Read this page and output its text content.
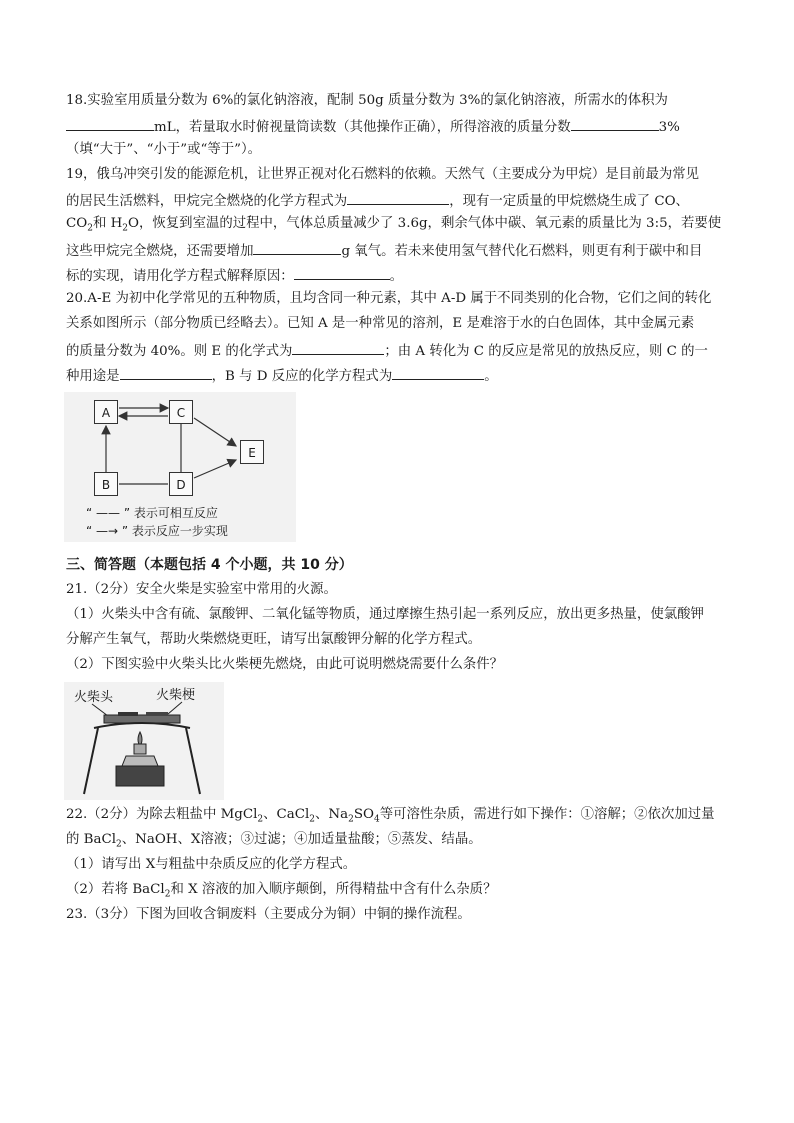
18.实验室用质量分数为 6%的氯化钠溶液，配制 50g 质量分数为 3%的氯化钠溶液，所需水的体积为
mL，若量取水时俯视量筒读数（其他操作正确），所得溶液的质量分数	3%
（填“大于”、“小于”或“等于”）。
19，俄乌冲突引发的能源危机，让世界正视对化石燃料的依赖。天然气（主要成分为甲烷）是目前最为常见
的居民生活燃料，甲烷完全燃烧的化学方程式为	，现有一定质量的甲烷燃烧生成了 CO、
$CO_2$和 $H_2O$，恢复到室温的过程中，气体总质量减少了 3.6g，剩余气体中碳、氧元素的质量比为 3:5，若要使
这些甲烷完全燃烧，还需要增加	g 氧气。若未来使用氢气替代化石燃料，则更有利于碳中和目
标的实现，请用化学方程式解释原因：	。
20.A-E 为初中化学常见的五种物质，且均含同一种元素，其中 A-D 属于不同类别的化合物，它们之间的转化
关系如图所示（部分物质已经略去）。已知 A 是一种常见的溶剂，E 是难溶于水的白色固体，其中金属元素
的质量分数为 40%。则 E 的化学式为	；由 A 转化为 C 的反应是常见的放热反应，则 C 的一
种用途是	，B 与 D 反应的化学方程式为	。
A	C
E
B	D
“ —— ” 表示可相互反应
“ —→ ” 表示反应一步实现
三、简答题（本题包括 4 个小题，共 10 分）
21.（2分）安全火柴是实验室中常用的火源。
（1）火柴头中含有硫、氯酸钾、二氧化锰等物质，通过摩擦生热引起一系列反应，放出更多热量，使氯酸钾
分解产生氧气，帮助火柴燃烧更旺，请写出氯酸钾分解的化学方程式。
（2）下图实验中火柴头比火柴梗先燃烧，由此可说明燃烧需要什么条件？
火柴头	火柴梗
22.（2分）为除去粗盐中 MgCl$_2$、CaCl$_2$、$Na_2SO_4$等可溶性杂质，需进行如下操作：①溶解；②依次加过量
的 BaCl$_2$、NaOH、X溶液；③过滤；④加适量盐酸；⑤蒸发、结晶。
（1）请写出 X与粗盐中杂质反应的化学方程式。
（2）若将 BaCl$_2$和 X 溶液的加入顺序颠倒，所得精盐中含有什么杂质？
23.（3分）下图为回收含铜废料（主要成分为铜）中铜的操作流程。
